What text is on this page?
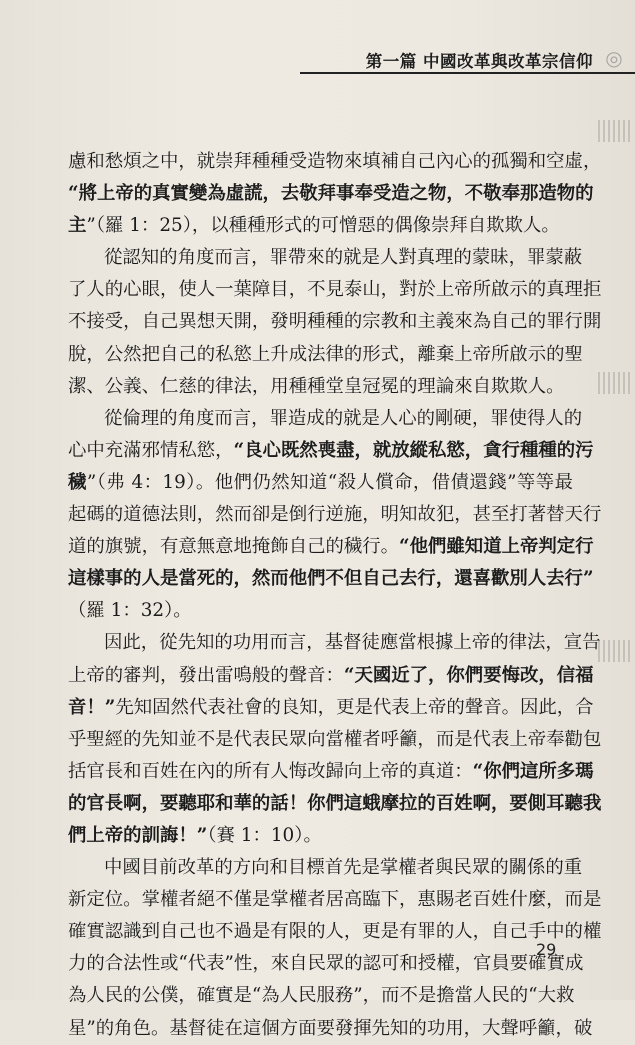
第一篇 中國改革與改革宗信仰 ◎
慮和愁煩之中，就崇拜種種受造物來填補自己內心的孤獨和空虛，
“將上帝的真實變為虛謊，去敬拜事奉受造之物，不敬奉那造物的
主”（羅 1：25），以種種形式的可憎惡的偶像崇拜自欺欺人。
從認知的角度而言，罪帶來的就是人對真理的蒙昧，罪蒙蔽
了人的心眼，使人一葉障目，不見泰山，對於上帝所啟示的真理拒
不接受，自己異想天開，發明種種的宗教和主義來為自己的罪行開
脫，公然把自己的私慾上升成法律的形式，離棄上帝所啟示的聖
潔、公義、仁慈的律法，用種種堂皇冠冕的理論來自欺欺人。
從倫理的角度而言，罪造成的就是人心的剛硬，罪使得人的
心中充滿邪情私慾，“良心既然喪盡，就放縱私慾，貪行種種的污
穢”（弗 4：19）。他們仍然知道“殺人償命，借債還錢”等等最
起碼的道德法則，然而卻是倒行逆施，明知故犯，甚至打著替天行
道的旗號，有意無意地掩飾自己的穢行。“他們雖知道上帝判定行
這樣事的人是當死的，然而他們不但自己去行，還喜歡別人去行”
（羅 1：32）。
因此，從先知的功用而言，基督徒應當根據上帝的律法，宣告
上帝的審判，發出雷鳴般的聲音：“天國近了，你們要悔改，信福
音！”先知固然代表社會的良知，更是代表上帝的聲音。因此，合
乎聖經的先知並不是代表民眾向當權者呼籲，而是代表上帝奉勸包
括官長和百姓在內的所有人悔改歸向上帝的真道：“你們這所多瑪
的官長啊，要聽耶和華的話！你們這蛾摩拉的百姓啊，要側耳聽我
們上帝的訓誨！”（賽 1：10）。
中國目前改革的方向和目標首先是掌權者與民眾的關係的重
新定位。掌權者絕不僅是掌權者居高臨下，惠賜老百姓什麼，而是
確實認識到自己也不過是有限的人，更是有罪的人，自己手中的權
力的合法性或“代表”性，來自民眾的認可和授權，官員要確實成
為人民的公僕，確實是“為人民服務”，而不是擔當人民的“大救
星”的角色。基督徒在這個方面要發揮先知的功用，大聲呼籲，破
29
